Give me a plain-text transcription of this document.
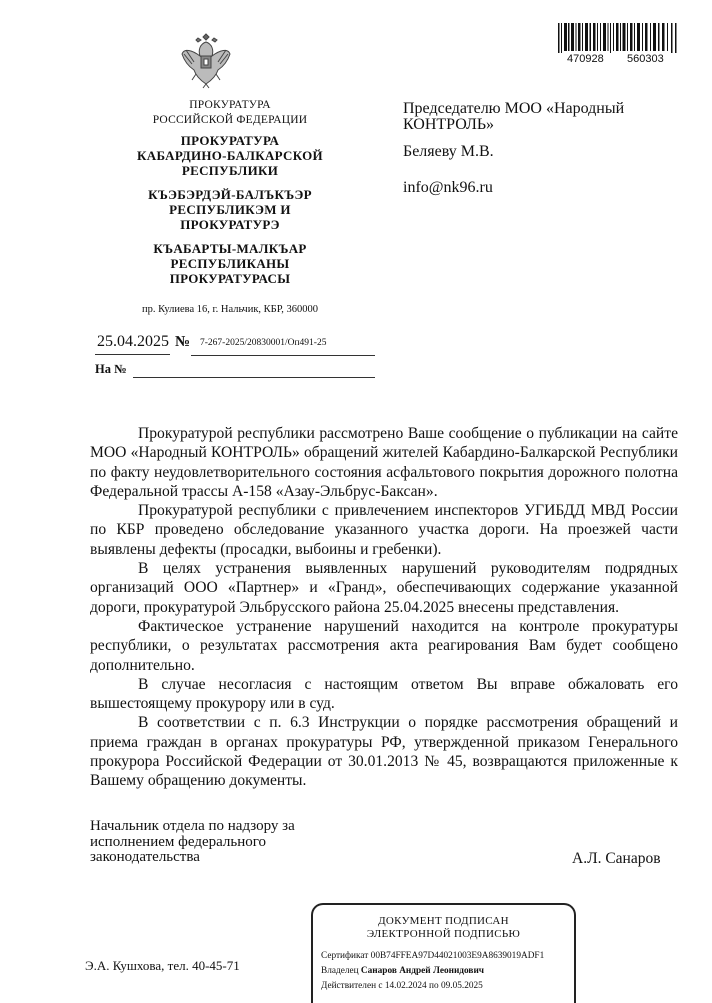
ПРОКУРАТУРА
РОССИЙСКОЙ ФЕДЕРАЦИИ
ПРОКУРАТУРА
КАБАРДИНО-БАЛКАРСКОЙ
РЕСПУБЛИКИ
КЪЭБЭРДЭЙ-БАЛЪКЪЭР
РЕСПУБЛИКЭМ И
ПРОКУРАТУРЭ
КЪАБАРТЫ-МАЛКЪАР
РЕСПУБЛИКАНЫ
ПРОКУРАТУРАСЫ
пр. Кулиева 16, г. Нальчик, КБР, 360000
470928 560303
Председателю МОО «Народный
КОНТРОЛЬ»
Беляеву М.В.
info@nk96.ru
25.04.2025 № 7-267-2025/20830001/Оп491-25
На №

Прокуратурой республики рассмотрено Ваше сообщение о публикации на сайте МОО «Народный КОНТРОЛЬ» обращений жителей Кабардино-Балкарской Республики по факту неудовлетворительного состояния асфальтового покрытия дорожного полотна Федеральной трассы А-158 «Азау-Эльбрус-Баксан».

Прокуратурой республики с привлечением инспекторов УГИБДД МВД России по КБР проведено обследование указанного участка дороги. На проезжей части выявлены дефекты (просадки, выбоины и гребенки).

В целях устранения выявленных нарушений руководителям подрядных организаций ООО «Партнер» и «Гранд», обеспечивающих содержание указанной дороги, прокуратурой Эльбрусского района 25.04.2025 внесены представления.

Фактическое устранение нарушений находится на контроле прокуратуры республики, о результатах рассмотрения акта реагирования Вам будет сообщено дополнительно.

В случае несогласия с настоящим ответом Вы вправе обжаловать его вышестоящему прокурору или в суд.

В соответствии с п. 6.3 Инструкции о порядке рассмотрения обращений и приема граждан в органах прокуратуры РФ, утвержденной приказом Генерального прокурора Российской Федерации от 30.01.2013 № 45, возвращаются приложенные к Вашему обращению документы.

Начальник отдела по надзору за
исполнением федерального
законодательства	А.Л. Санаров
ДОКУМЕНТ ПОДПИСАН
ЭЛЕКТРОННОЙ ПОДПИСЬЮ
Сертификат 00B74FFEA97D44021003E9A8639019ADF1
Владелец Санаров Андрей Леонидович
Действителен с 14.02.2024 по 09.05.2025
Э.А. Кушхова, тел. 40-45-71
